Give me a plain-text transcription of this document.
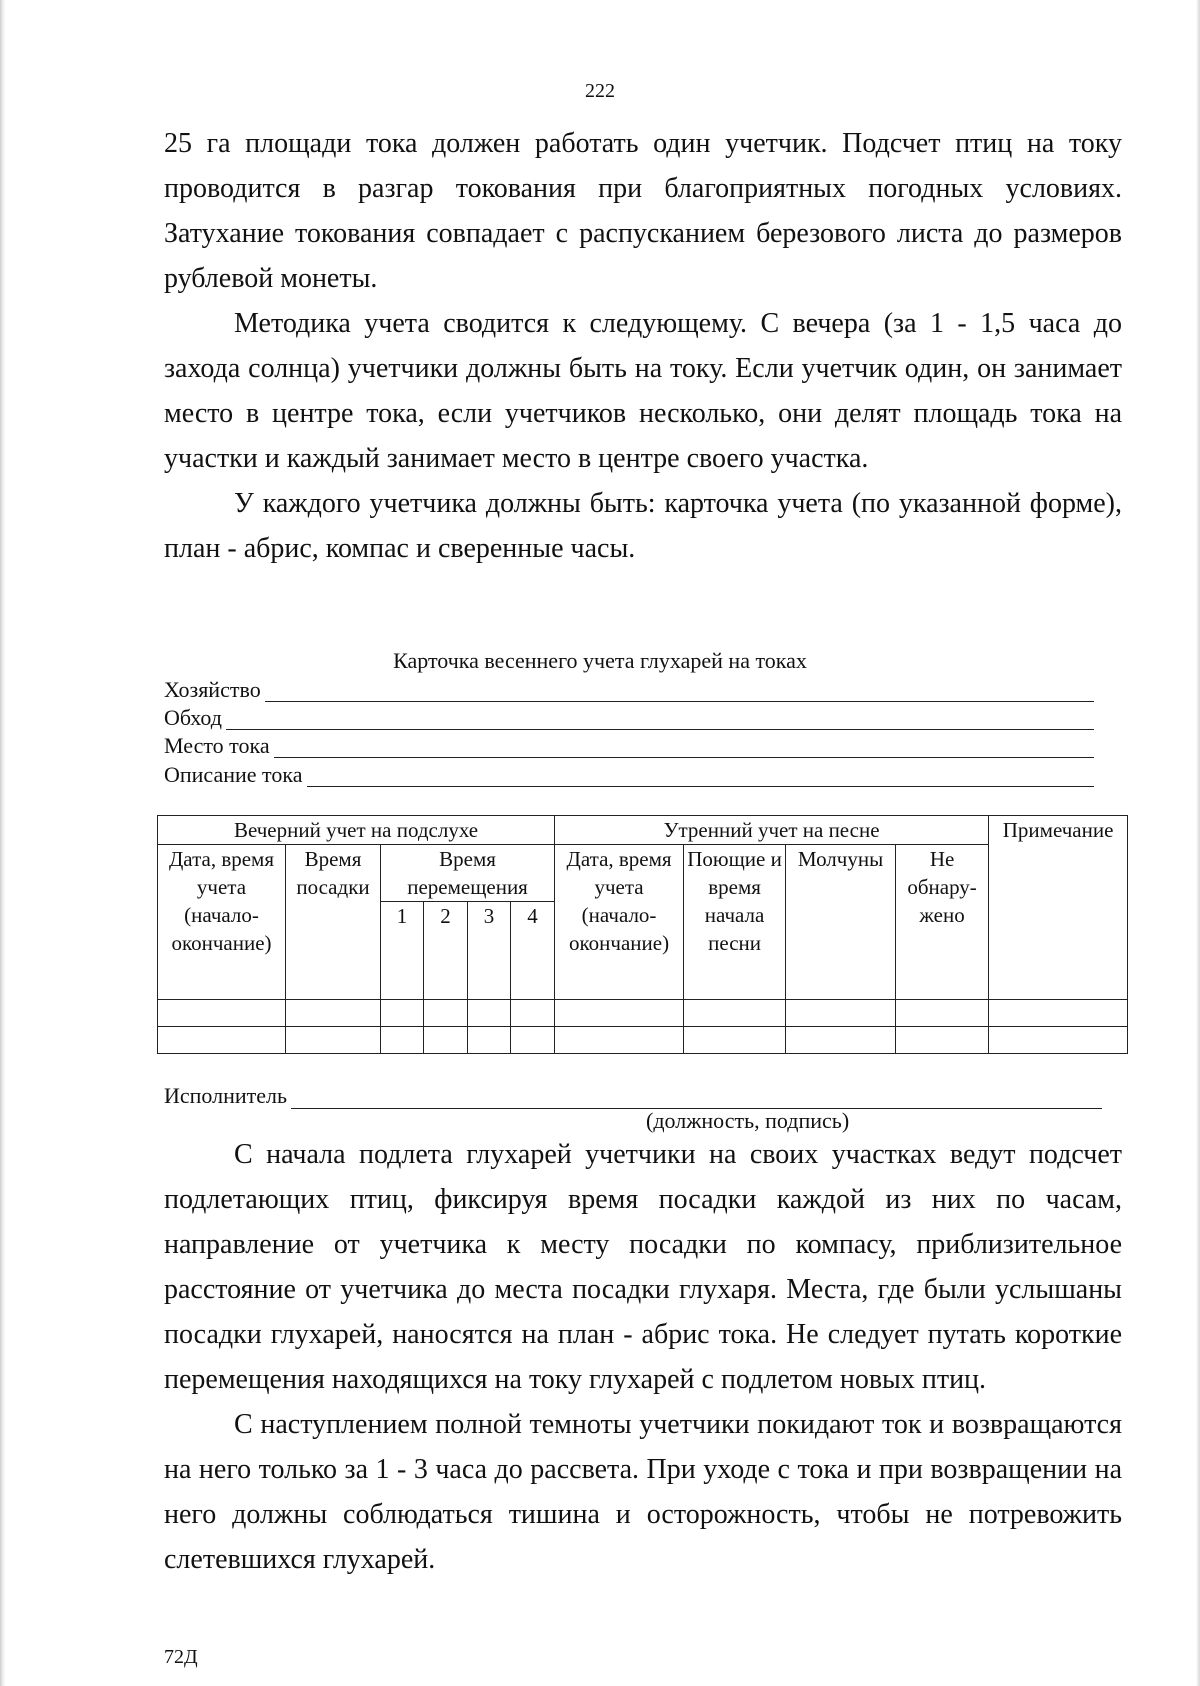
222

25 га площади тока должен работать один учетчик. Подсчет птиц на току проводится в разгар токования при благоприятных погодных условиях. Затухание токования совпадает с распусканием березового листа до размеров рублевой монеты.

Методика учета сводится к следующему. С вечера (за 1 - 1,5 часа до захода солнца) учетчики должны быть на току. Если учетчик один, он занимает место в центре тока, если учетчиков несколько, они делят площадь тока на участки и каждый занимает место в центре своего участка.

У каждого учетчика должны быть: карточка учета (по указанной форме), план - абрис, компас и сверенные часы.

Карточка весеннего учета глухарей на токах
Хозяйство
Обход
Место тока
Описание тока
Вечерний учет на подслухе						Утренний учет на песне				Примечание
Дата, время учета (начало-окончание)	Время посадки	Время перемещения				Дата, время учета (начало-окончание)	Поющие и время начала песни	Молчуны	Не обнару-жено	
		1	2	3	4					

Исполнитель
(должность, подпись)

С начала подлета глухарей учетчики на своих участках ведут подсчет подлетающих птиц, фиксируя время посадки каждой из них по часам, направление от учетчика к месту посадки по компасу, приблизительное расстояние от учетчика до места посадки глухаря. Места, где были услышаны посадки глухарей, наносятся на план - абрис тока. Не следует путать короткие перемещения находящихся на току глухарей с подлетом новых птиц.

С наступлением полной темноты учетчики покидают ток и возвращаются на него только за 1 - 3 часа до рассвета. При уходе с тока и при возвращении на него должны соблюдаться тишина и осторожность, чтобы не потревожить слетевшихся глухарей.

72Д
